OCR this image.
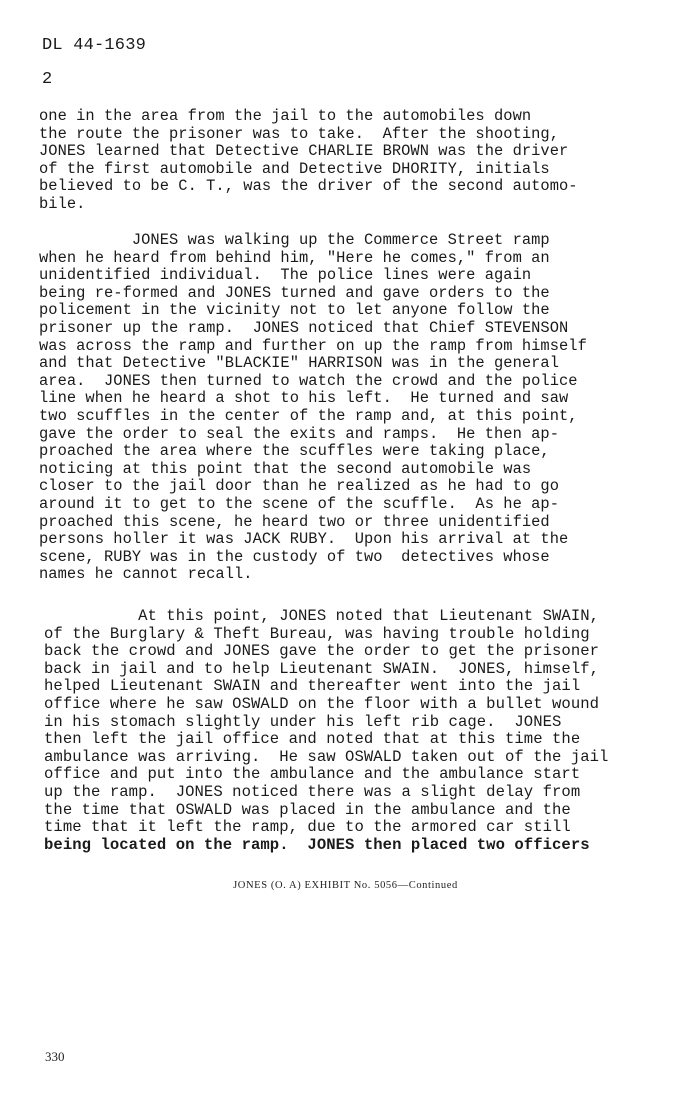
DL 44-1639
2
one in the area from the jail to the automobiles down
the route the prisoner was to take.  After the shooting,
JONES learned that Detective CHARLIE BROWN was the driver
of the first automobile and Detective DHORITY, initials
believed to be C. T., was the driver of the second automo-
bile.
JONES was walking up the Commerce Street ramp
when he heard from behind him, "Here he comes," from an
unidentified individual.  The police lines were again
being re-formed and JONES turned and gave orders to the
policement in the vicinity not to let anyone follow the
prisoner up the ramp.  JONES noticed that Chief STEVENSON
was across the ramp and further on up the ramp from himself
and that Detective "BLACKIE" HARRISON was in the general
area.  JONES then turned to watch the crowd and the police
line when he heard a shot to his left.  He turned and saw
two scuffles in the center of the ramp and, at this point,
gave the order to seal the exits and ramps.  He then ap-
proached the area where the scuffles were taking place,
noticing at this point that the second automobile was
closer to the jail door than he realized as he had to go
around it to get to the scene of the scuffle.  As he ap-
proached this scene, he heard two or three unidentified
persons holler it was JACK RUBY.  Upon his arrival at the
scene, RUBY was in the custody of two  detectives whose
names he cannot recall.
At this point, JONES noted that Lieutenant SWAIN,
of the Burglary & Theft Bureau, was having trouble holding
back the crowd and JONES gave the order to get the prisoner
back in jail and to help Lieutenant SWAIN.  JONES, himself,
helped Lieutenant SWAIN and thereafter went into the jail
office where he saw OSWALD on the floor with a bullet wound
in his stomach slightly under his left rib cage.  JONES
then left the jail office and noted that at this time the
ambulance was arriving.  He saw OSWALD taken out of the jail
office and put into the ambulance and the ambulance start
up the ramp.  JONES noticed there was a slight delay from
the time that OSWALD was placed in the ambulance and the
time that it left the ramp, due to the armored car still
being located on the ramp.  JONES then placed two officers
JONES (O. A) EXHIBIT No. 5056—Continued
330
